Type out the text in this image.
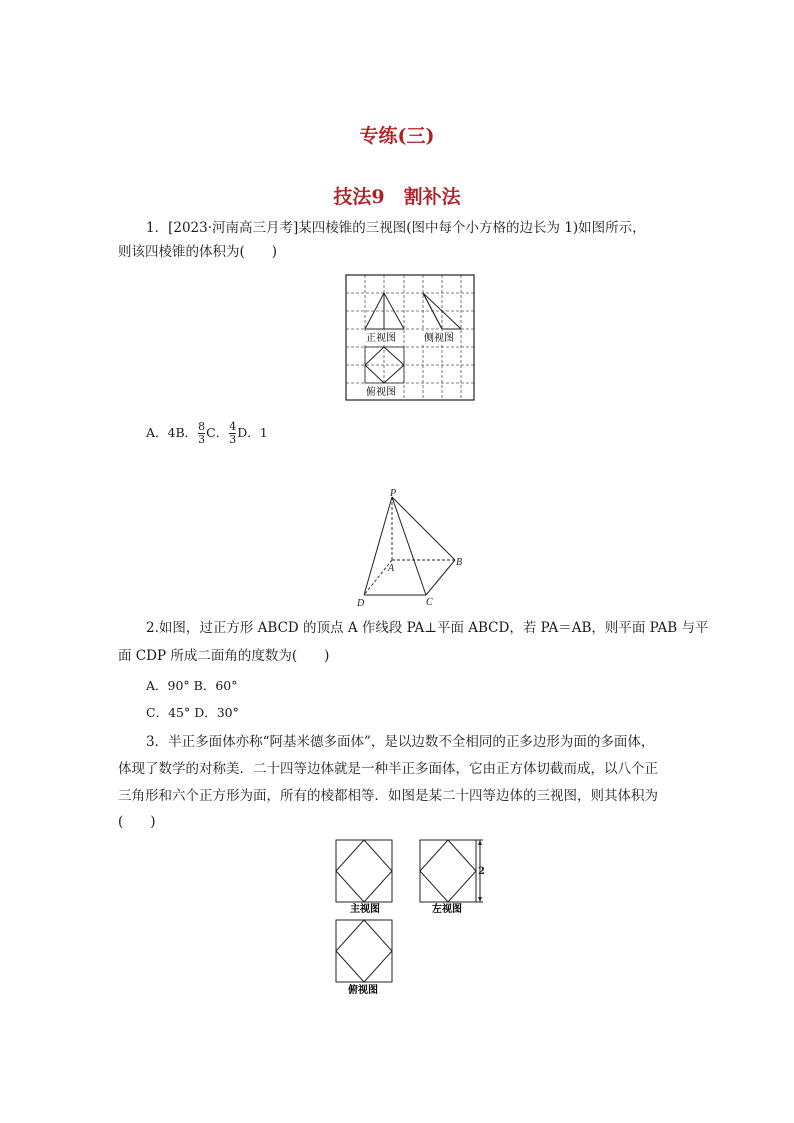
专练(三)
技法9　割补法
1．[2023·河南高三月考]某四棱锥的三视图(图中每个小方格的边长为 1)如图所示，
则该四棱锥的体积为(　　)
正视图	侧视图
俯视图
A．4B． $\frac{8}{3}$ C． $\frac{4}{3}$ D．1
P
A
B
C
D
2.如图，过正方形 ABCD 的顶点 A 作线段 PA⊥平面 ABCD，若 PA＝AB，则平面 PAB 与平
面 CDP 所成二面角的度数为(　　)
A．90° B．60°
C．45° D．30°
3．半正多面体亦称“阿基米德多面体”，是以边数不全相同的正多边形为面的多面体，
体现了数学的对称美．二十四等边体就是一种半正多面体，它由正方体切截而成，以八个正
三角形和六个正方形为面，所有的棱都相等．如图是某二十四等边体的三视图，则其体积为
(　　)
2
主视图	左视图
俯视图
